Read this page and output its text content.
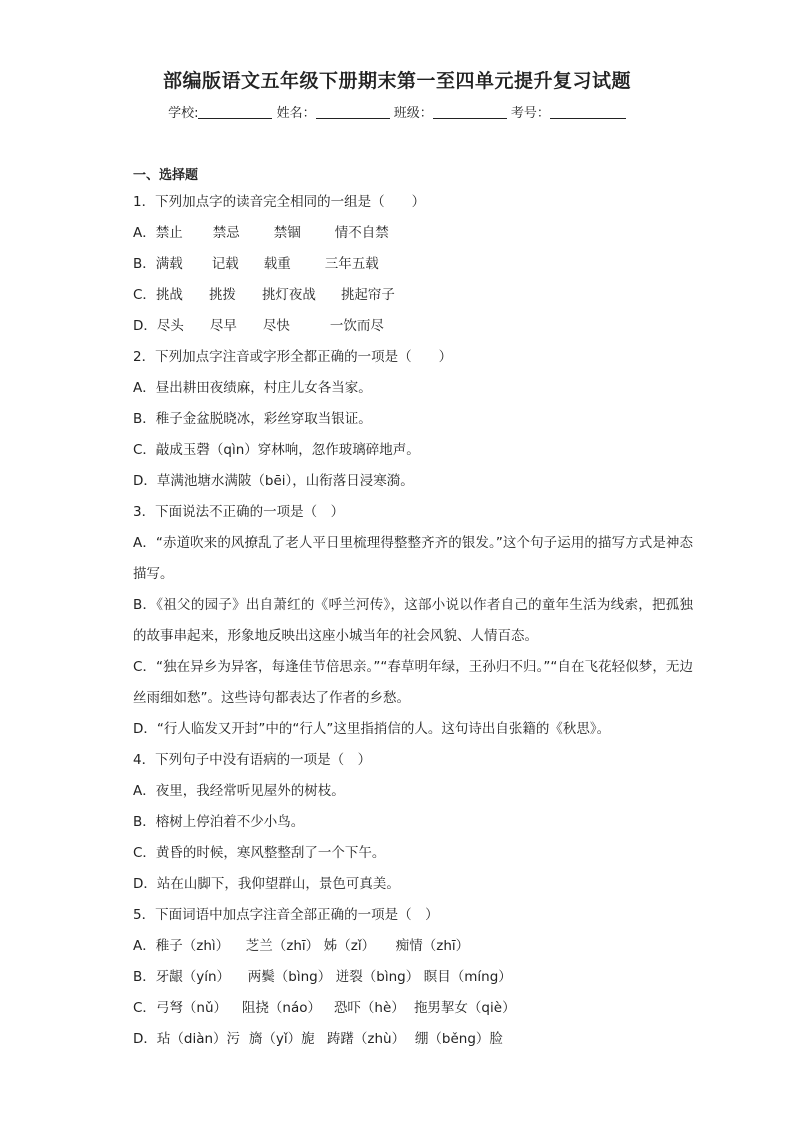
部编版语文五年级下册期末第一至四单元提升复习试题
学校:	姓名：	班级：	考号：
一、选择题
1．下列加点字的读音完全相同的一组是（　　）
A．禁止 禁忌	禁锢	情不自禁
B．满载 记载 载重	三年五载
C．挑战 挑拨 挑灯夜战 挑起帘子
D．尽头 尽早 尽快	一饮而尽
2．下列加点字注音或字形全都正确的一项是（　　）
A．昼出耕田夜绩麻，村庄儿女各当家。
B．稚子金盆脱晓冰，彩丝穿取当银证。
C．敲成玉磬（qìn）穿林响，忽作玻璃碎地声。
D．草满池塘水满陂（bēi），山衔落日浸寒漪。
3．下面说法不正确的一项是（　）
A．“赤道吹来的风撩乱了老人平日里梳理得整整齐齐的银发。”这个句子运用的描写方式是神态描写。
B．《祖父的园子》出自萧红的《呼兰河传》，这部小说以作者自己的童年生活为线索，把孤独的故事串起来，形象地反映出这座小城当年的社会风貌、人情百态。
C．“独在异乡为异客，每逢佳节倍思亲。”“春草明年绿，王孙归不归。”“自在飞花轻似梦，无边丝雨细如愁”。这些诗句都表达了作者的乡愁。
D．“行人临发又开封”中的“行人”这里指捎信的人。这句诗出自张籍的《秋思》。
4．下列句子中没有语病的一项是（　）
A．夜里，我经常听见屋外的树枝。
B．榕树上停泊着不少小鸟。
C．黄昏的时候，寒风整整刮了一个下午。
D．站在山脚下，我仰望群山，景色可真美。
5．下面词语中加点字注音全部正确的一项是（　）
A．稚子（zhì） 芝兰（zhī） 姊（zǐ） 痴情（zhī）
B．牙龈（yín） 两鬓（bìng） 迸裂（bìng） 瞑目（míng）
C．弓弩（nǔ） 阻挠（náo） 恐吓（hè） 拖男挈女（qiè）
D．玷（diàn）污 旖（yǐ）旎 踌躇（zhù） 绷（běng）脸
